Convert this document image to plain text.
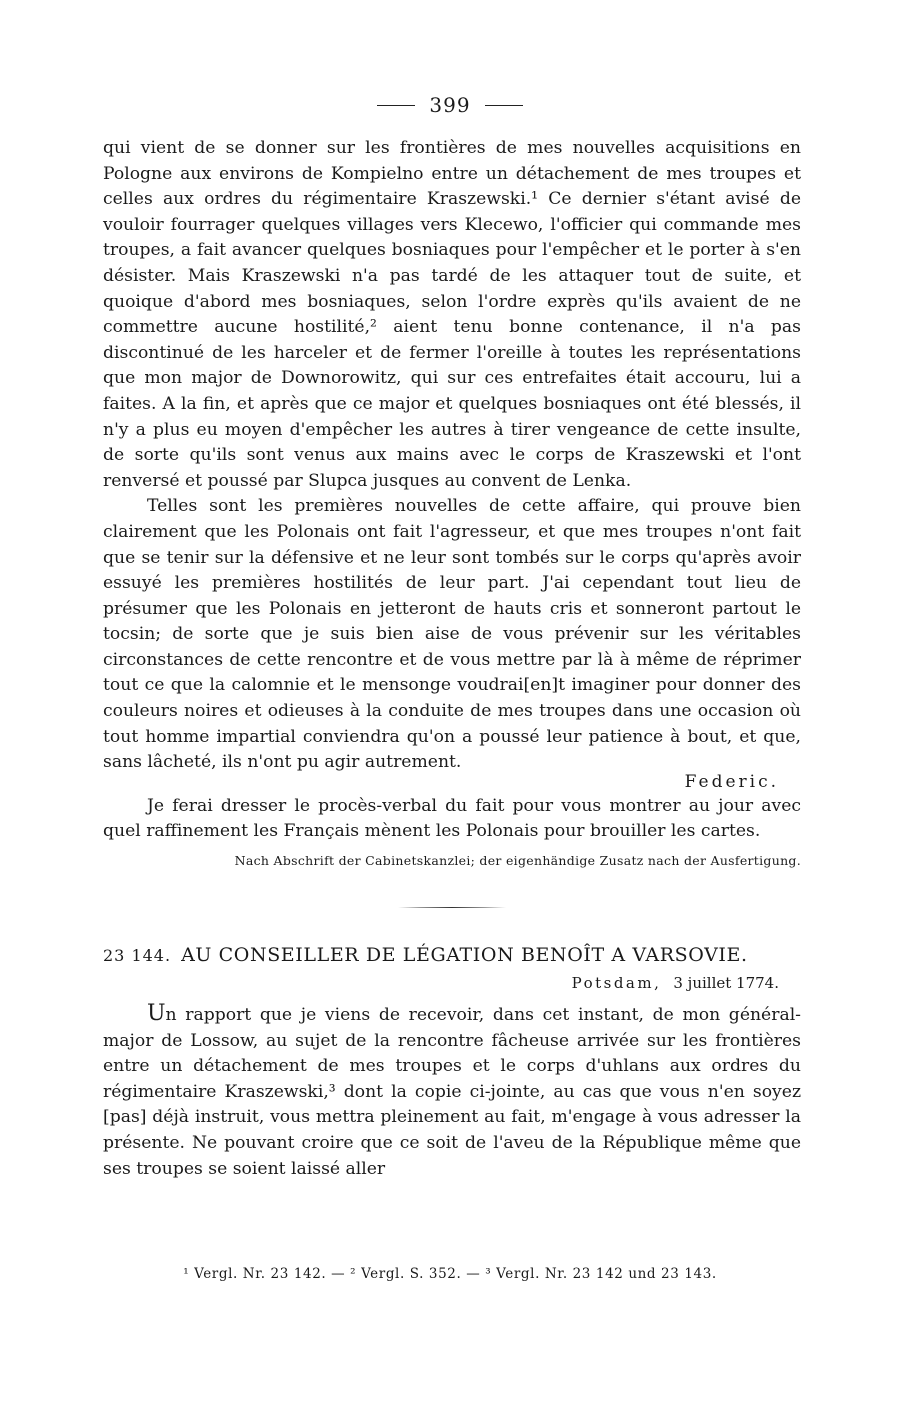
399

qui vient de se donner sur les frontières de mes nouvelles acquisitions en Pologne aux environs de Kompielno entre un détachement de mes troupes et celles aux ordres du régimentaire Kraszewski.¹ Ce dernier s'étant avisé de vouloir fourrager quelques villages vers Klecewo, l'officier qui commande mes troupes, a fait avancer quelques bosniaques pour l'empêcher et le porter à s'en désister. Mais Kraszewski n'a pas tardé de les attaquer tout de suite, et quoique d'abord mes bosniaques, selon l'ordre exprès qu'ils avaient de ne commettre aucune hostilité,² aient tenu bonne contenance, il n'a pas discontinué de les harceler et de fermer l'oreille à toutes les représentations que mon major de Downorowitz, qui sur ces entrefaites était accouru, lui a faites. A la fin, et après que ce major et quelques bosniaques ont été blessés, il n'y a plus eu moyen d'empêcher les autres à tirer vengeance de cette insulte, de sorte qu'ils sont venus aux mains avec le corps de Kraszewski et l'ont renversé et poussé par Slupca jusques au convent de Lenka.

Telles sont les premières nouvelles de cette affaire, qui prouve bien clairement que les Polonais ont fait l'agresseur, et que mes troupes n'ont fait que se tenir sur la défensive et ne leur sont tombés sur le corps qu'après avoir essuyé les premières hostilités de leur part. J'ai cependant tout lieu de présumer que les Polonais en jetteront de hauts cris et sonneront partout le tocsin; de sorte que je suis bien aise de vous prévenir sur les véritables circonstances de cette rencontre et de vous mettre par là à même de réprimer tout ce que la calomnie et le mensonge voudrai[en]t imaginer pour donner des couleurs noires et odieuses à la conduite de mes troupes dans une occasion où tout homme impartial conviendra qu'on a poussé leur patience à bout, et que, sans lâcheté, ils n'ont pu agir autrement.

Federic.

Je ferai dresser le procès-verbal du fait pour vous montrer au jour avec quel raffinement les Français mènent les Polonais pour brouiller les cartes.

Nach Abschrift der Cabinetskanzlei; der eigenhändige Zusatz nach der Ausfertigung.

23 144. AU CONSEILLER DE LÉGATION BENOÎT A VARSOVIE.

Potsdam, 3 juillet 1774.

Un rapport que je viens de recevoir, dans cet instant, de mon général-major de Lossow, au sujet de la rencontre fâcheuse arrivée sur les frontières entre un détachement de mes troupes et le corps d'uhlans aux ordres du régimentaire Kraszewski,³ dont la copie ci-jointe, au cas que vous n'en soyez [pas] déjà instruit, vous mettra pleinement au fait, m'engage à vous adresser la présente. Ne pouvant croire que ce soit de l'aveu de la République même que ses troupes se soient laissé aller

¹ Vergl. Nr. 23 142. — ² Vergl. S. 352. — ³ Vergl. Nr. 23 142 und 23 143.
